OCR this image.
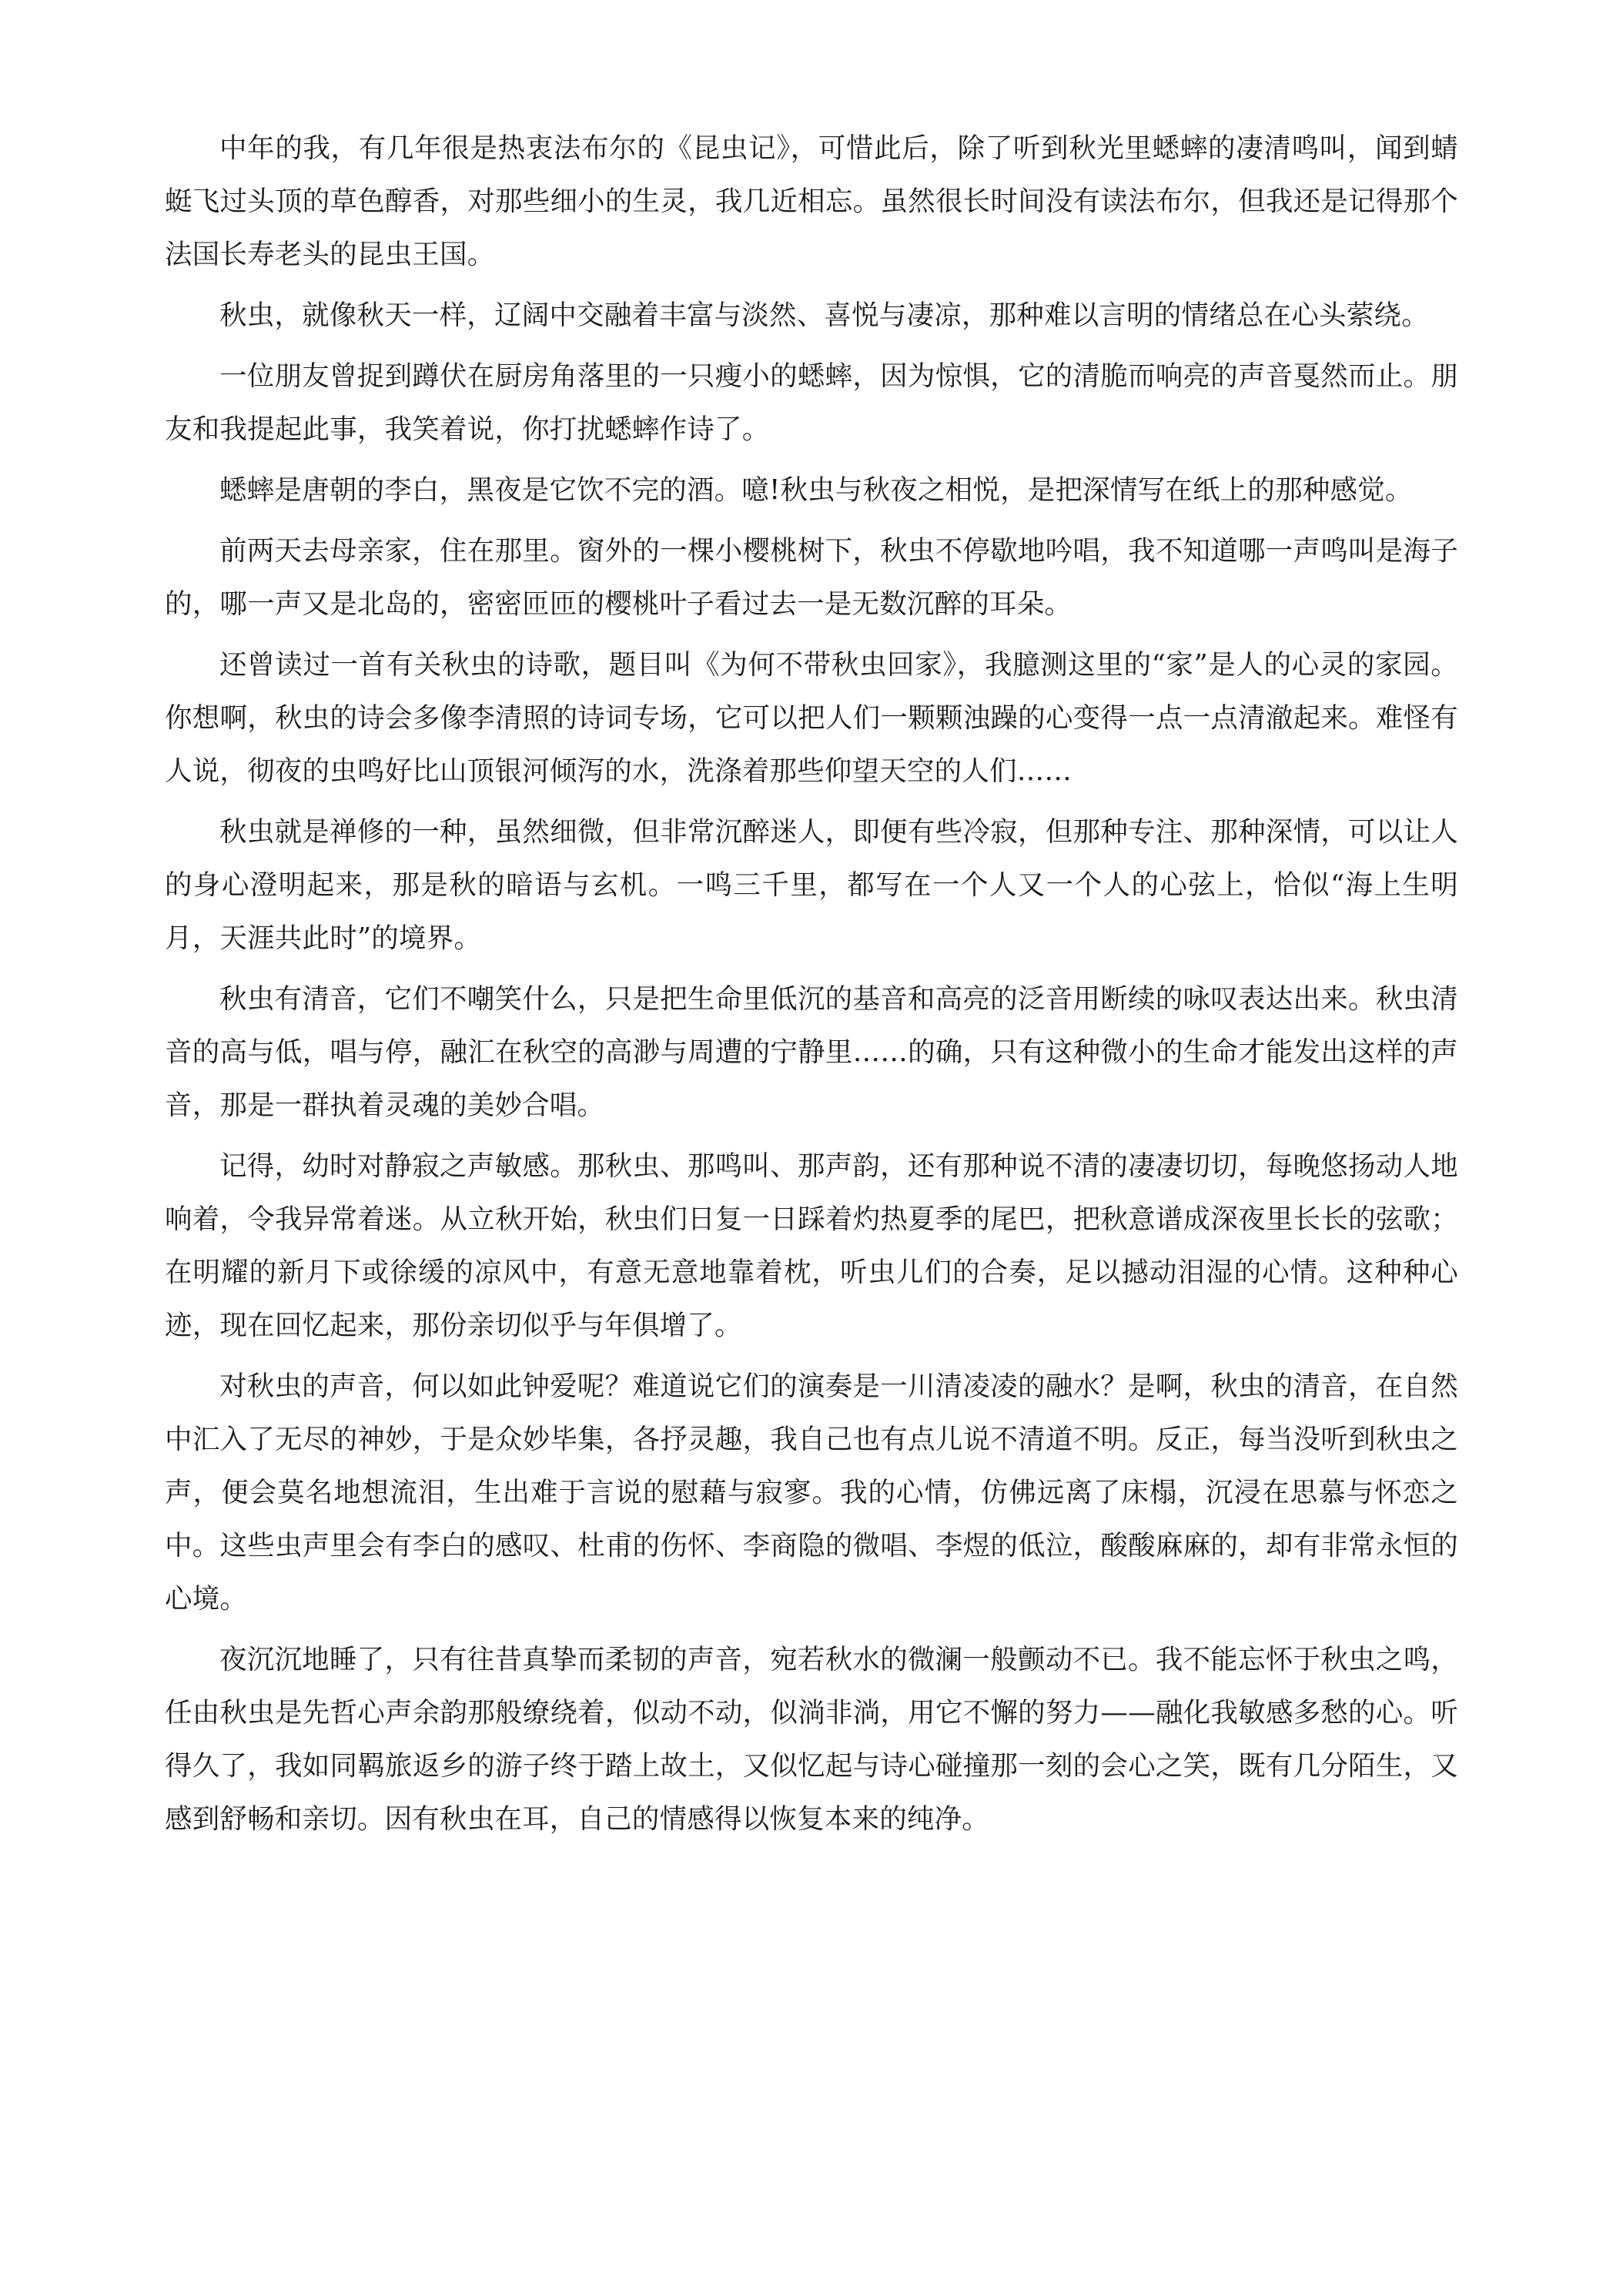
中年的我，有几年很是热衷法布尔的《昆虫记》，可惜此后，除了听到秋光里蟋蟀的凄清鸣叫，闻到蜻蜓飞过头顶的草色醇香，对那些细小的生灵，我几近相忘。虽然很长时间没有读法布尔，但我还是记得那个法国长寿老头的昆虫王国。

秋虫，就像秋天一样，辽阔中交融着丰富与淡然、喜悦与凄凉，那种难以言明的情绪总在心头萦绕。

一位朋友曾捉到蹲伏在厨房角落里的一只瘦小的蟋蟀，因为惊惧，它的清脆而响亮的声音戛然而止。朋友和我提起此事，我笑着说，你打扰蟋蟀作诗了。

蟋蟀是唐朝的李白，黑夜是它饮不完的酒。噫!秋虫与秋夜之相悦，是把深情写在纸上的那种感觉。

前两天去母亲家，住在那里。窗外的一棵小樱桃树下，秋虫不停歇地吟唱，我不知道哪一声鸣叫是海子的，哪一声又是北岛的，密密匝匝的樱桃叶子看过去一是无数沉醉的耳朵。

还曾读过一首有关秋虫的诗歌，题目叫《为何不带秋虫回家》，我臆测这里的“家”是人的心灵的家园。你想啊，秋虫的诗会多像李清照的诗词专场，它可以把人们一颗颗浊躁的心变得一点一点清澈起来。难怪有人说，彻夜的虫鸣好比山顶银河倾泻的水，洗涤着那些仰望天空的人们……

秋虫就是禅修的一种，虽然细微，但非常沉醉迷人，即便有些冷寂，但那种专注、那种深情，可以让人的身心澄明起来，那是秋的暗语与玄机。一鸣三千里，都写在一个人又一个人的心弦上，恰似“海上生明月，天涯共此时”的境界。

秋虫有清音，它们不嘲笑什么，只是把生命里低沉的基音和高亮的泛音用断续的咏叹表达出来。秋虫清音的高与低，唱与停，融汇在秋空的高渺与周遭的宁静里……的确，只有这种微小的生命才能发出这样的声音，那是一群执着灵魂的美妙合唱。

记得，幼时对静寂之声敏感。那秋虫、那鸣叫、那声韵，还有那种说不清的凄凄切切，每晚悠扬动人地响着，令我异常着迷。从立秋开始，秋虫们日复一日踩着灼热夏季的尾巴，把秋意谱成深夜里长长的弦歌；在明耀的新月下或徐缓的凉风中，有意无意地靠着枕，听虫儿们的合奏，足以撼动泪湿的心情。这种种心迹，现在回忆起来，那份亲切似乎与年俱增了。

对秋虫的声音，何以如此钟爱呢？难道说它们的演奏是一川清凌凌的融水？是啊，秋虫的清音，在自然中汇入了无尽的神妙，于是众妙毕集，各抒灵趣，我自己也有点儿说不清道不明。反正，每当没听到秋虫之声，便会莫名地想流泪，生出难于言说的慰藉与寂寥。我的心情，仿佛远离了床榻，沉浸在思慕与怀恋之中。这些虫声里会有李白的感叹、杜甫的伤怀、李商隐的微唱、李煜的低泣，酸酸麻麻的，却有非常永恒的心境。

夜沉沉地睡了，只有往昔真挚而柔韧的声音，宛若秋水的微澜一般颤动不已。我不能忘怀于秋虫之鸣，任由秋虫是先哲心声余韵那般缭绕着，似动不动，似淌非淌，用它不懈的努力——融化我敏感多愁的心。听得久了，我如同羁旅返乡的游子终于踏上故土，又似忆起与诗心碰撞那一刻的会心之笑，既有几分陌生，又感到舒畅和亲切。因有秋虫在耳，自己的情感得以恢复本来的纯净。
